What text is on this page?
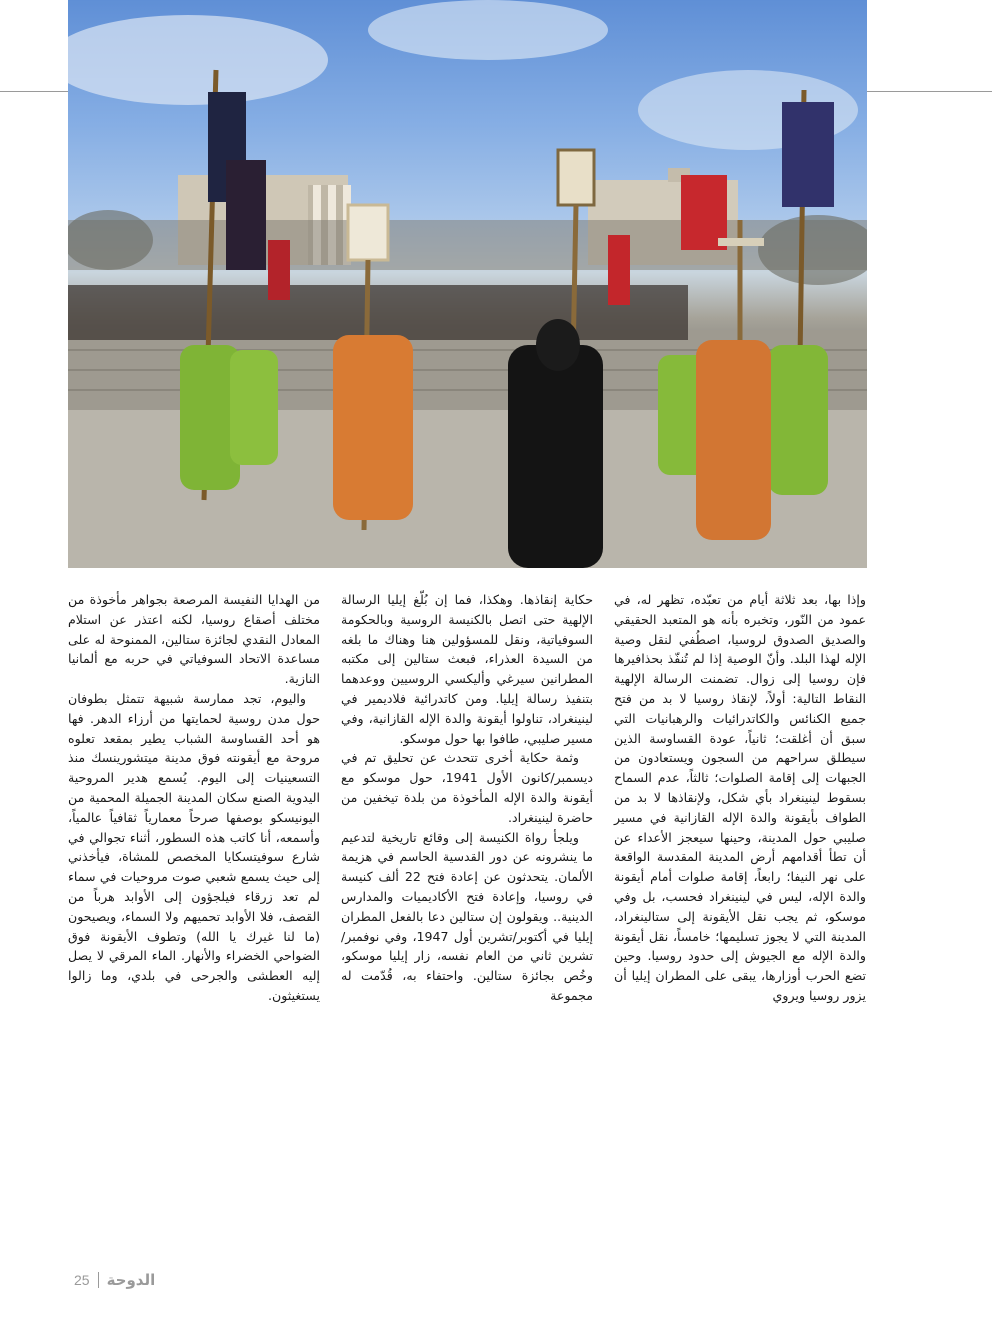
وإذا بها، بعد ثلاثة أيام من تعبّده، تظهر له، في عمود من النّور، وتخبره بأنه هو المتعبد الحقيقي والصديق الصدوق لروسيا، اصطُفي لنقل وصية الإله لهذا البلد. وأنّ الوصية إذا لم تُنفّذ بحذافيرها فإن روسيا إلى زوال. تضمنت الرسالة الإلهية النقاط التالية: أولاً، لإنقاذ روسيا لا بد من فتح جميع الكنائس والكاتدرائيات والرهبانيات التي سبق أن أغلقت؛ ثانياً، عودة القساوسة الذين سيطلق سراحهم من السجون ويستعادون من الجبهات إلى إقامة الصلوات؛ ثالثاً، عدم السماح بسقوط لينينغراد بأي شكل، ولإنقاذها لا بد من الطواف بأيقونة والدة الإله القازانية في مسير صليبي حول المدينة، وحينها سيعجز الأعداء عن أن تطأ أقدامهم أرض المدينة المقدسة الواقعة على نهر النيفا؛ رابعاً، إقامة صلوات أمام أيقونة والدة الإله، ليس في لينينغراد فحسب، بل وفي موسكو، ثم يجب نقل الأيقونة إلى ستالينغراد، المدينة التي لا يجوز تسليمها؛ خامساً، نقل أيقونة والدة الإله مع الجيوش إلى حدود روسيا. وحين تضع الحرب أوزارها، يبقى على المطران إيليا أن يزور روسيا ويروي

حكاية إنقاذها. وهكذا، فما إن بُلّغ إيليا الرسالة الإلهية حتى اتصل بالكنيسة الروسية وبالحكومة السوفياتية، ونقل للمسؤولين هنا وهناك ما بلغه من السيدة العذراء، فبعث ستالين إلى مكتبه المطرانين سيرغي وأليكسي الروسيين ووعدهما بتنفيذ رسالة إيليا. ومن كاتدرائية فلاديمير في لينينغراد، تناولوا أيقونة والدة الإله القازانية، وفي مسير صليبي، طافوا بها حول موسكو.

وثمة حكاية أخرى تتحدث عن تحليق تم في ديسمبر/كانون الأول 1941، حول موسكو مع أيقونة والدة الإله المأخوذة من بلدة تيخفين من حاضرة لينينغراد.

ويلجأ رواة الكنيسة إلى وقائع تاريخية لتدعيم ما ينشرونه عن دور القدسية الحاسم في هزيمة الألمان. يتحدثون عن إعادة فتح 22 ألف كنيسة في روسيا، وإعادة فتح الأكاديميات والمدارس الدينية.. ويقولون إن ستالين دعا بالفعل المطران إيليا في أكتوبر/تشرين أول 1947، وفي نوفمبر/تشرين ثاني من العام نفسه، زار إيليا موسكو، وخُص بجائزة ستالين. واحتفاء به، قُدّمت له مجموعة

من الهدايا النفيسة المرصعة بجواهر مأخوذة من مختلف أصقاع روسيا، لكنه اعتذر عن استلام المعادل النقدي لجائزة ستالين، الممنوحة له على مساعدة الاتحاد السوفياتي في حربه مع ألمانيا النازية.

واليوم، تجد ممارسة شبيهة تتمثل بطوفان حول مدن روسية لحمايتها من أرزاء الدهر. فها هو أحد القساوسة الشباب يطير بمقعد تعلوه مروحة مع أيقونته فوق مدينة ميتشورينسك منذ التسعينيات إلى اليوم. يُسمع هدير المروحية اليدوية الصنع سكان المدينة الجميلة المحمية من اليونيسكو بوصفها صرحاً معمارياً ثقافياً عالمياً، وأسمعه، أنا كاتب هذه السطور، أثناء تجوالي في شارع سوفيتسكايا المخصص للمشاة، فيأخذني إلى حيث يسمع شعبي صوت مروحيات في سماء لم تعد زرقاء فيلجؤون إلى الأوابد هرباً من القصف، فلا الأوابد تحميهم ولا السماء، ويصيحون (ما لنا غيرك يا الله) وتطوف الأيقونة فوق الضواحي الخضراء والأنهار. الماء المرقي لا يصل إليه العطشى والجرحى في بلدي، وما زالوا يستغيثون.

25 الدوحة
